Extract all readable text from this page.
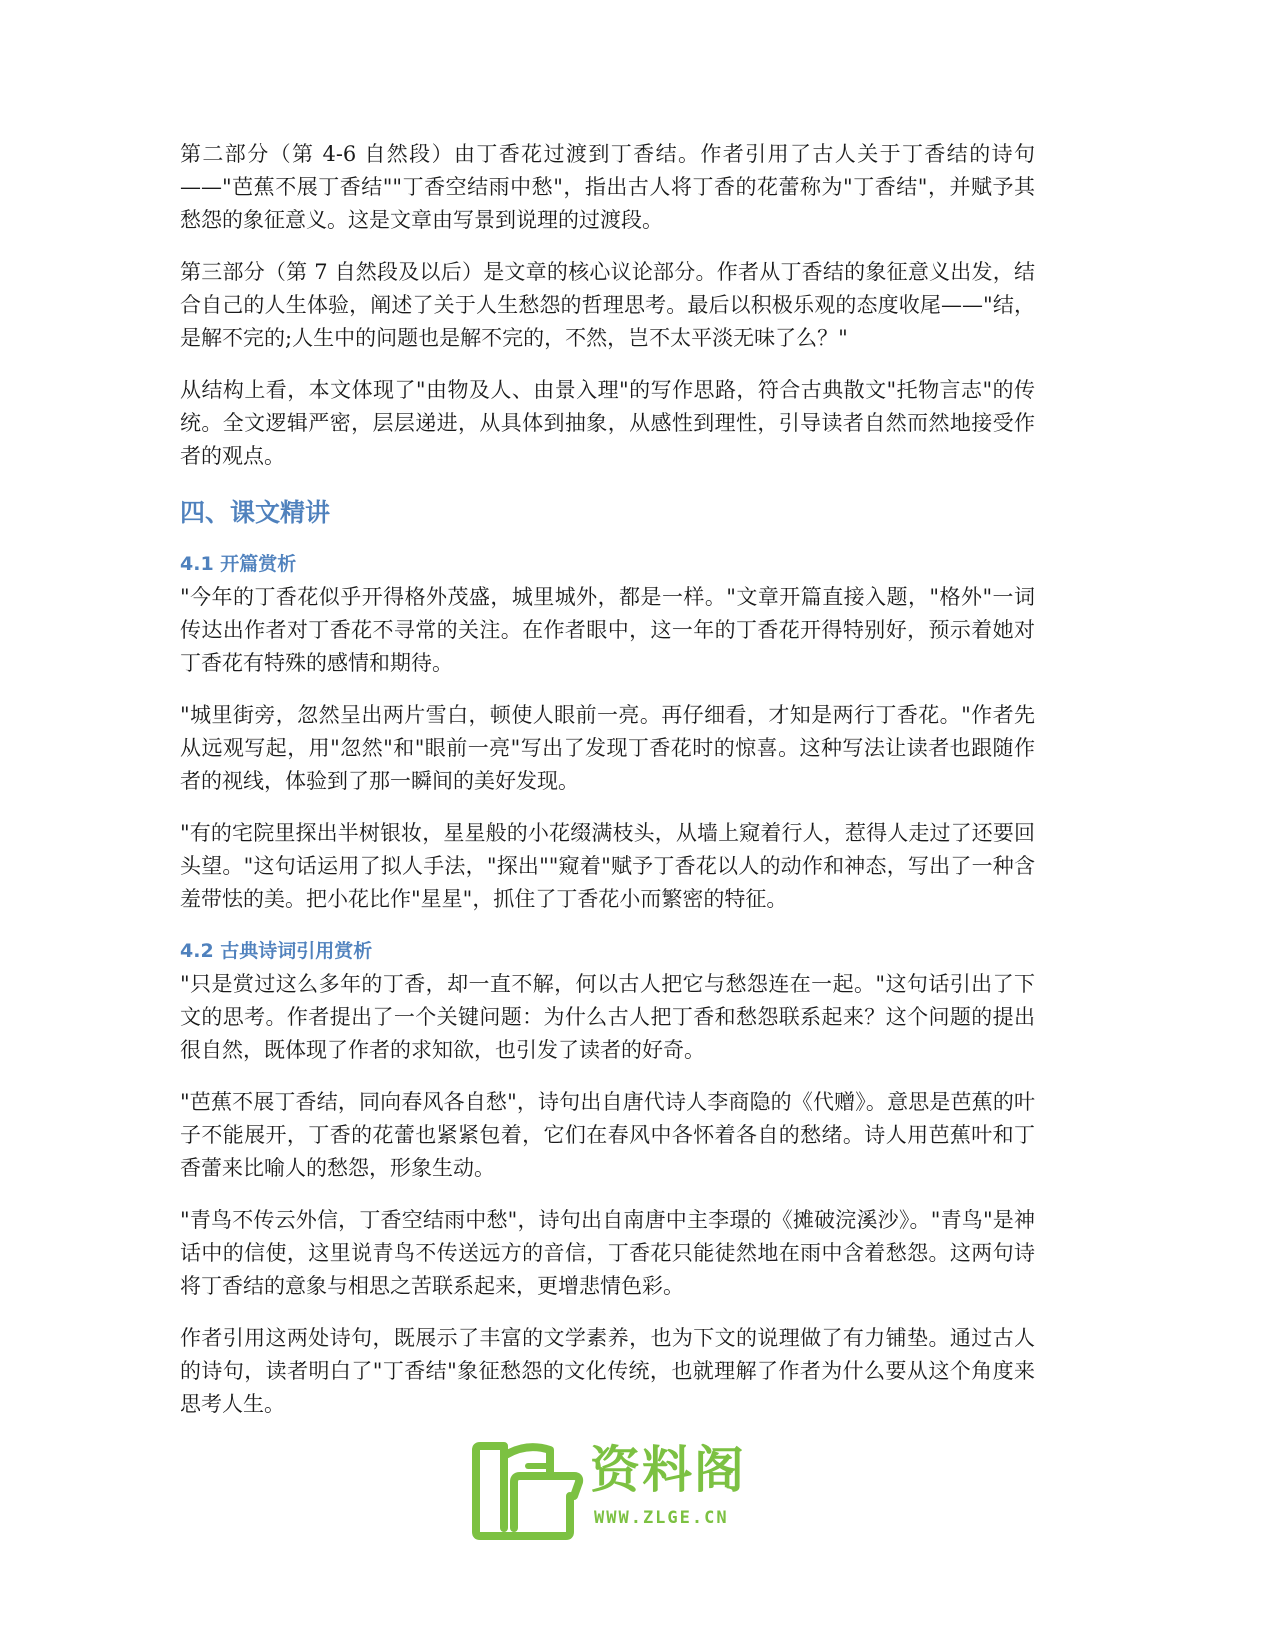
第二部分（第 4-6 自然段）由丁香花过渡到丁香结。作者引用了古人关于丁香结的诗句——"芭蕉不展丁香结""丁香空结雨中愁"，指出古人将丁香的花蕾称为"丁香结"，并赋予其愁怨的象征意义。这是文章由写景到说理的过渡段。

第三部分（第 7 自然段及以后）是文章的核心议论部分。作者从丁香结的象征意义出发，结合自己的人生体验，阐述了关于人生愁怨的哲理思考。最后以积极乐观的态度收尾——"结，是解不完的;人生中的问题也是解不完的，不然，岂不太平淡无味了么？"

从结构上看，本文体现了"由物及人、由景入理"的写作思路，符合古典散文"托物言志"的传统。全文逻辑严密，层层递进，从具体到抽象，从感性到理性，引导读者自然而然地接受作者的观点。

四、课文精讲
4.1 开篇赏析

"今年的丁香花似乎开得格外茂盛，城里城外，都是一样。"文章开篇直接入题，"格外"一词传达出作者对丁香花不寻常的关注。在作者眼中，这一年的丁香花开得特别好，预示着她对丁香花有特殊的感情和期待。

"城里街旁，忽然呈出两片雪白，顿使人眼前一亮。再仔细看，才知是两行丁香花。"作者先从远观写起，用"忽然"和"眼前一亮"写出了发现丁香花时的惊喜。这种写法让读者也跟随作者的视线，体验到了那一瞬间的美好发现。

"有的宅院里探出半树银妆，星星般的小花缀满枝头，从墙上窥着行人，惹得人走过了还要回头望。"这句话运用了拟人手法，"探出""窥着"赋予丁香花以人的动作和神态，写出了一种含羞带怯的美。把小花比作"星星"，抓住了丁香花小而繁密的特征。

4.2 古典诗词引用赏析

"只是赏过这么多年的丁香，却一直不解，何以古人把它与愁怨连在一起。"这句话引出了下文的思考。作者提出了一个关键问题：为什么古人把丁香和愁怨联系起来？这个问题的提出很自然，既体现了作者的求知欲，也引发了读者的好奇。

"芭蕉不展丁香结，同向春风各自愁"，诗句出自唐代诗人李商隐的《代赠》。意思是芭蕉的叶子不能展开，丁香的花蕾也紧紧包着，它们在春风中各怀着各自的愁绪。诗人用芭蕉叶和丁香蕾来比喻人的愁怨，形象生动。

"青鸟不传云外信，丁香空结雨中愁"，诗句出自南唐中主李璟的《摊破浣溪沙》。"青鸟"是神话中的信使，这里说青鸟不传送远方的音信，丁香花只能徒然地在雨中含着愁怨。这两句诗将丁香结的意象与相思之苦联系起来，更增悲情色彩。

作者引用这两处诗句，既展示了丰富的文学素养，也为下文的说理做了有力铺垫。通过古人的诗句，读者明白了"丁香结"象征愁怨的文化传统，也就理解了作者为什么要从这个角度来思考人生。

资料阁
WWW.ZLGE.CN
